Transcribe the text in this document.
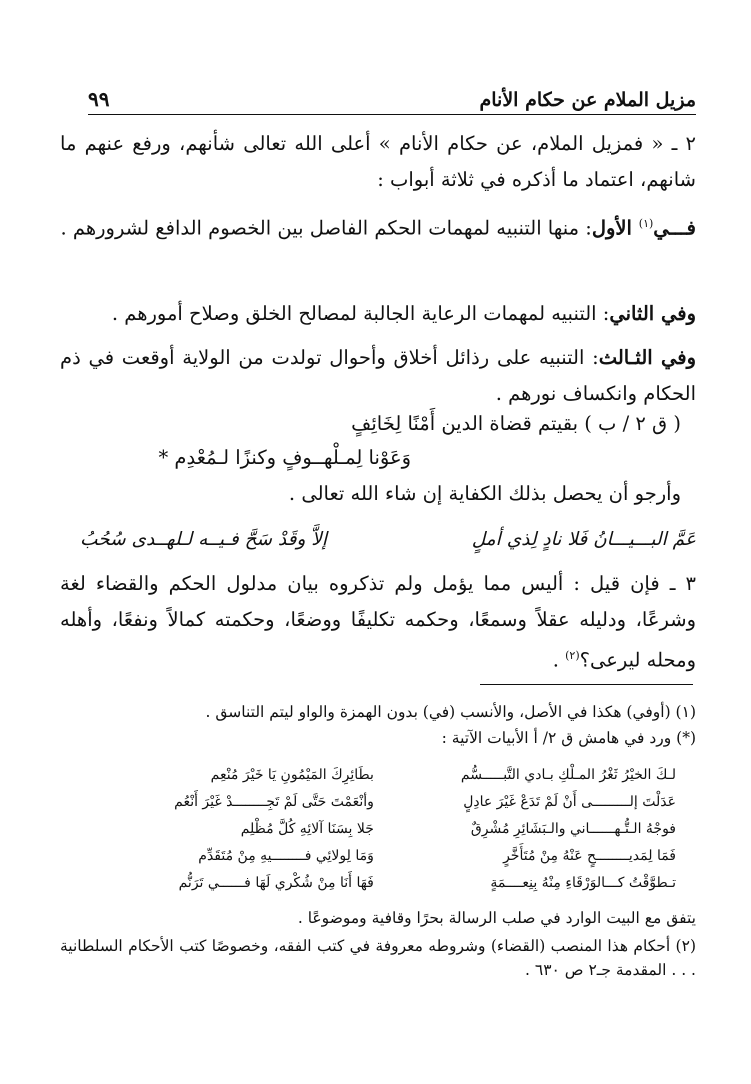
مزيل الملام عن حكام الأنام
٩٩
٢ ـ « فمزيل الملام، عن حكام الأنام » أعلى الله تعالى شأنهم، ورفع عنهم ما شانهم، اعتماد ما أذكره في ثلاثة أبواب :
فـــي$^{(١)}$ الأول: منها التنبيه لمهمات الحكم الفاصل بين الخصوم الدافع لشرورهم .
وفي الثاني: التنبيه لمهمات الرعاية الجالبة لمصالح الخلق وصلاح أمورهم .
وفي الثـالث: التنبيه على رذائل أخلاق وأحوال تولدت من الولاية أوقعت في ذم الحكام وانكساف نورهم .
( ق ٢ / ب ) بقيتم قضاة الدين أَمْنًا لِخَائِفٍ
وَعَوْنا لِمـلْهــوفٍ وكنزًا لـمُعْدِم *
وأرجو أن يحصل بذلك الكفاية إن شاء الله تعالى .
عَمَّ البـــيـــانُ فَلا نادٍ لِذي أملٍ
إلاَّ وقَدْ سَحَّ فـيــه لـلهــدى سُحُبُ
٣ ـ فإن قيل : أليس مما يؤمل ولم تذكروه بيان مدلول الحكم والقضاء لغة وشرعًا، ودليله عقلاً وسمعًا، وحكمه تكليفًا ووضعًا، وحكمته كمالاً ونفعًا، وأهله ومحله ليرعى؟$^{(٢)}$ .
(١) (أوفي) هكذا في الأصل، والأنسب (في) بدون الهمزة والواو ليتم التناسق .
(*) ورد في هامش ق ٢/ أ الأبيات الآتية :
لـكَ الخيْرُ ثَغْرُ المـلْكِ بـادي التَّبـــــسُّم
بطَائِرِكَ المَيْمُونِ يَا خَيْرَ مُنْعِم
عَدَلْتَ إلـــــــــى أَنْ لَمْ تَدَعْ غَيْرَ عادِلٍ
وأنْعَمْتَ حَتَّى لَمْ تَجِــــــــدْ غَيْرَ أَنْعُم
فوجْهُ الـتُّـهــــــاني والـبَشَائِرِ مُشْرِقٌ
جَلا بِسَنَا آلائِهِ كُلَّ مُظْلِم
فَمَا لِمَديــــــــحٍ عَنْهُ مِنْ مُتَأَخَّرٍ
وَمَا لِولائِي فــــــــيهِ مِنْ مُتَقَدِّم
تـطوَّقْتُ كـــالوَرْقَاءِ مِنْهُ بِنِعــــمَةٍ
فَهَا أَنَا مِنْ شُكْري لَهَا فــــــي تَرَنُّم
يتفق مع البيت الوارد في صلب الرسالة بحرًا وقافية وموضوعًا .
(٢) أحكام هذا المنصب (القضاء) وشروطه معروفة في كتب الفقه، وخصوصًا كتب الأحكام السلطانية . . . المقدمة جـ٢ ص ٦٣٠ .
